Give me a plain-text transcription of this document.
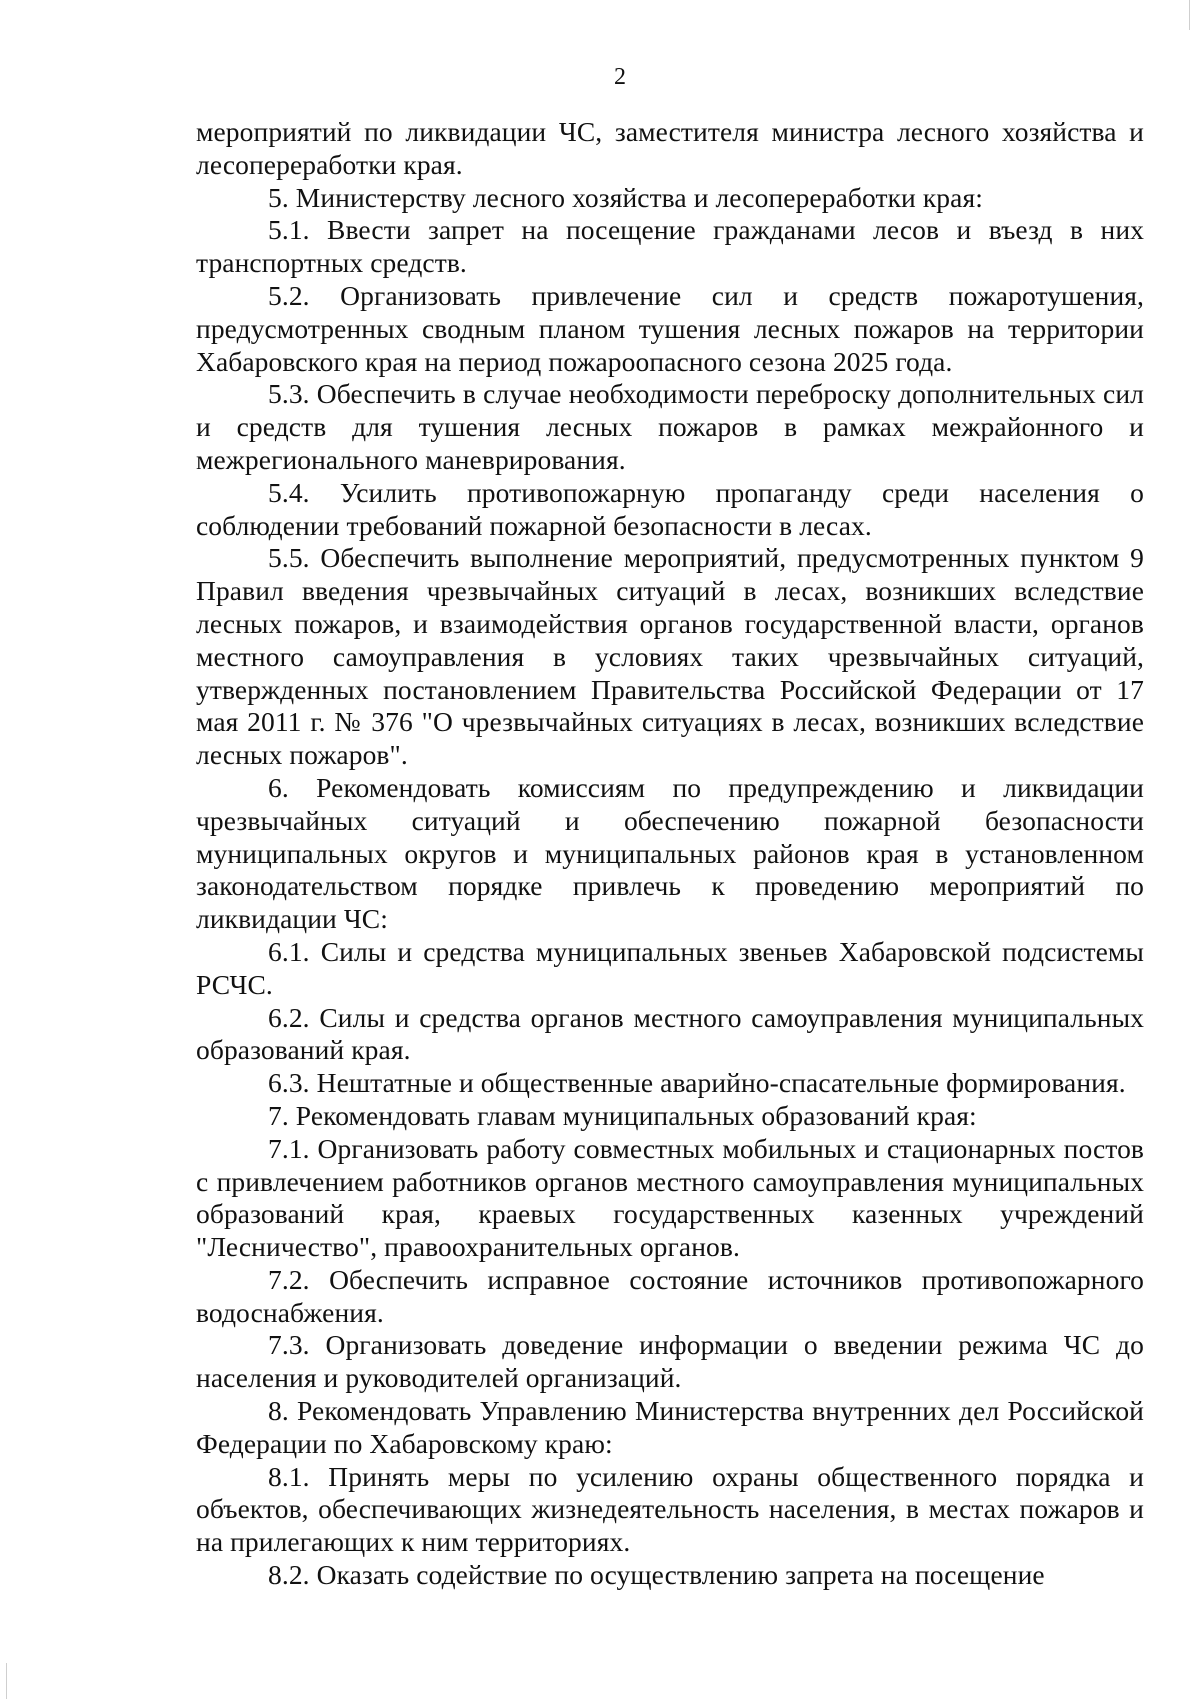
2

мероприятий по ликвидации ЧС, заместителя министра лесного хозяйства и лесопереработки края.

5. Министерству лесного хозяйства и лесопереработки края:

5.1. Ввести запрет на посещение гражданами лесов и въезд в них транспортных средств.

5.2. Организовать привлечение сил и средств пожаротушения, предусмотренных сводным планом тушения лесных пожаров на территории Хабаровского края на период пожароопасного сезона 2025 года.

5.3. Обеспечить в случае необходимости переброску дополнительных сил и средств для тушения лесных пожаров в рамках межрайонного и межрегионального маневрирования.

5.4. Усилить противопожарную пропаганду среди населения о соблюдении требований пожарной безопасности в лесах.

5.5. Обеспечить выполнение мероприятий, предусмотренных пунктом 9 Правил введения чрезвычайных ситуаций в лесах, возникших вследствие лесных пожаров, и взаимодействия органов государственной власти, органов местного самоуправления в условиях таких чрезвычайных ситуаций, утвержденных постановлением Правительства Российской Федерации от 17 мая 2011 г. № 376 "О чрезвычайных ситуациях в лесах, возникших вследствие лесных пожаров".

6. Рекомендовать комиссиям по предупреждению и ликвидации чрезвычайных ситуаций и обеспечению пожарной безопасности муниципальных округов и муниципальных районов края в установленном законодательством порядке привлечь к проведению мероприятий по ликвидации ЧС:

6.1. Силы и средства муниципальных звеньев Хабаровской подсистемы РСЧС.

6.2. Силы и средства органов местного самоуправления муниципальных образований края.

6.3. Нештатные и общественные аварийно-спасательные формирования.

7. Рекомендовать главам муниципальных образований края:

7.1. Организовать работу совместных мобильных и стационарных постов с привлечением работников органов местного самоуправления муниципальных образований края, краевых государственных казенных учреждений "Лесничество", правоохранительных органов.

7.2. Обеспечить исправное состояние источников противопожарного водоснабжения.

7.3. Организовать доведение информации о введении режима ЧС до населения и руководителей организаций.

8. Рекомендовать Управлению Министерства внутренних дел Российской Федерации по Хабаровскому краю:

8.1. Принять меры по усилению охраны общественного порядка и объектов, обеспечивающих жизнедеятельность населения, в местах пожаров и на прилегающих к ним территориях.

8.2. Оказать содействие по осуществлению запрета на посещение
